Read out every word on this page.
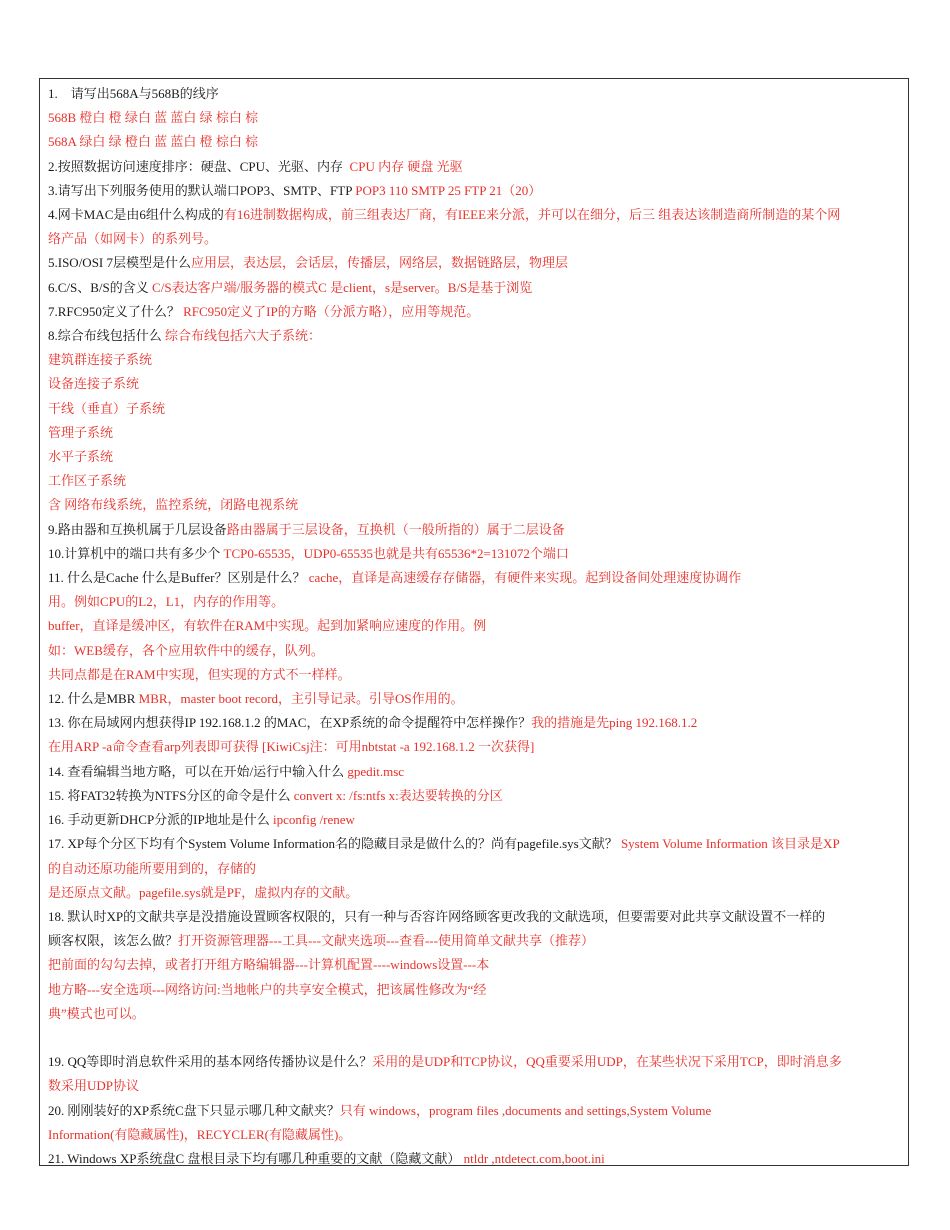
1.    请写出568A与568B的线序

568B 橙白 橙 绿白 蓝 蓝白 绿 棕白 棕

568A 绿白 绿 橙白 蓝 蓝白 橙 棕白 棕

2.按照数据访问速度排序：硬盘、CPU、光驱、内存  CPU 内存 硬盘 光驱

3.请写出下列服务使用的默认端口POP3、SMTP、FTP POP3 110 SMTP 25 FTP 21（20）

4.网卡MAC是由6组什么构成的有16进制数据构成，前三组表达厂商，有IEEE来分派，并可以在细分，后三 组表达该制造商所制造的某个网

络产品（如网卡）的系列号。

5.ISO/OSI 7层模型是什么应用层，表达层，会话层，传播层，网络层，数据链路层，物理层

6.C/S、B/S的含义 C/S表达客户端/服务器的模式C 是client，s是server。B/S是基于浏览

7.RFC950定义了什么？ RFC950定义了IP的方略（分派方略），应用等规范。

8.综合布线包括什么 综合布线包括六大子系统：

建筑群连接子系统

设备连接子系统

干线（垂直）子系统

管理子系统

水平子系统

工作区子系统

含 网络布线系统，监控系统，闭路电视系统

9.路由器和互换机属于几层设备路由器属于三层设备，互换机（一般所指的）属于二层设备

10.计算机中的端口共有多少个 TCP0-65535，UDP0-65535也就是共有65536*2=131072个端口

11. 什么是Cache 什么是Buffer？区别是什么？ cache，直译是高速缓存存储器，有硬件来实现。起到设备间处理速度协调作

用。例如CPU的L2，L1，内存的作用等。

buffer，直译是缓冲区，有软件在RAM中实现。起到加紧响应速度的作用。例

如：WEB缓存，各个应用软件中的缓存，队列。

共同点都是在RAM中实现，但实现的方式不一样样。

12. 什么是MBR MBR，master boot record，主引导记录。引导OS作用的。

13. 你在局域网内想获得IP 192.168.1.2 的MAC，在XP系统的命令提醒符中怎样操作？我的措施是先ping 192.168.1.2

在用ARP -a命令查看arp列表即可获得 [KiwiCsj注：可用nbtstat -a 192.168.1.2 一次获得]

14. 查看编辑当地方略，可以在开始/运行中输入什么 gpedit.msc

15. 将FAT32转换为NTFS分区的命令是什么 convert x: /fs:ntfs x:表达要转换的分区

16. 手动更新DHCP分派的IP地址是什么 ipconfig /renew

17. XP每个分区下均有个System Volume Information名的隐藏目录是做什么的？尚有pagefile.sys文献？ System Volume Information 该目录是XP

的自动还原功能所要用到的，存储的

是还原点文献。pagefile.sys就是PF，虚拟内存的文献。

18. 默认时XP的文献共享是没措施设置顾客权限的，只有一种与否容许网络顾客更改我的文献选项，但要需要对此共享文献设置不一样的

顾客权限，该怎么做？打开资源管理器---工具---文献夹选项---查看---使用简单文献共享（推荐）

把前面的勾勾去掉，或者打开组方略编辑器---计算机配置----windows设置---本

地方略---安全选项---网络访问:当地帐户的共享安全模式，把该属性修改为“经

典”模式也可以。

19. QQ等即时消息软件采用的基本网络传播协议是什么？采用的是UDP和TCP协议，QQ重要采用UDP，在某些状况下采用TCP，即时消息多

数采用UDP协议

20. 刚刚装好的XP系统C盘下只显示哪几种文献夹？只有 windows，program files ,documents and settings,System Volume

Information(有隐藏属性)，RECYCLER(有隐藏属性)。

21. Windows XP系统盘C 盘根目录下均有哪几种重要的文献（隐藏文献） ntldr ,ntdetect.com,boot.ini
